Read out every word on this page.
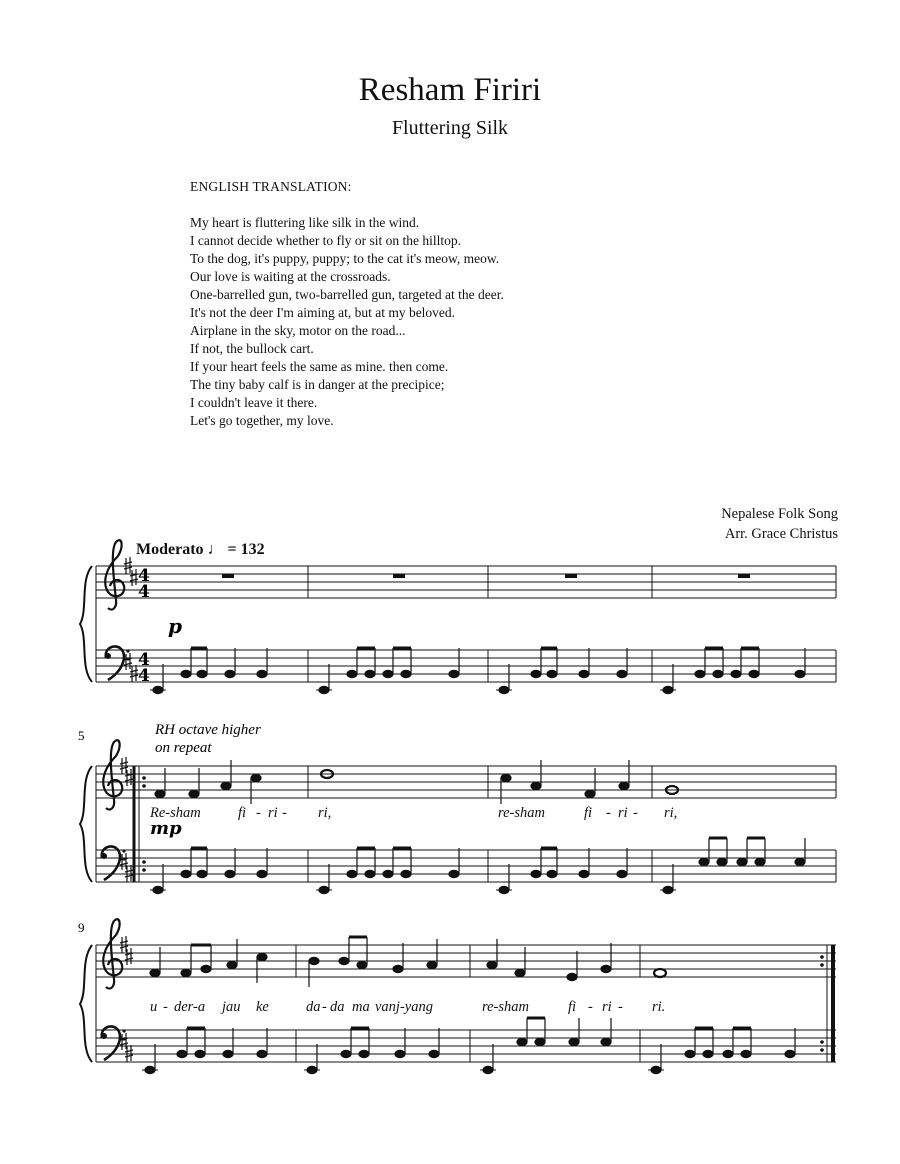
Resham Firiri
Fluttering Silk
ENGLISH TRANSLATION:
My heart is fluttering like silk in the wind.
I cannot decide whether to fly or sit on the hilltop.
To the dog, it's puppy, puppy; to the cat it's meow, meow.
Our love is waiting at the crossroads.
One-barrelled gun, two-barrelled gun, targeted at the deer.
It's not the deer I'm aiming at, but at my beloved.
Airplane in the sky, motor on the road...
If not, the bullock cart.
If your heart feels the same as mine. then come.
The tiny baby calf is in danger at the precipice;
I couldn't leave it there.
Let's go together, my love.
Nepalese Folk Song
Arr. Grace Christus
Moderato ♩ = 132
4
4
4
4
p
5	RH octave higher
on repeat
Re-sham	fi - ri - ri,	re-sham	fi - ri - ri,
mp
9
u - der-a jau ke	da - da ma vanj-yang	re-sham	fi - ri - ri.
